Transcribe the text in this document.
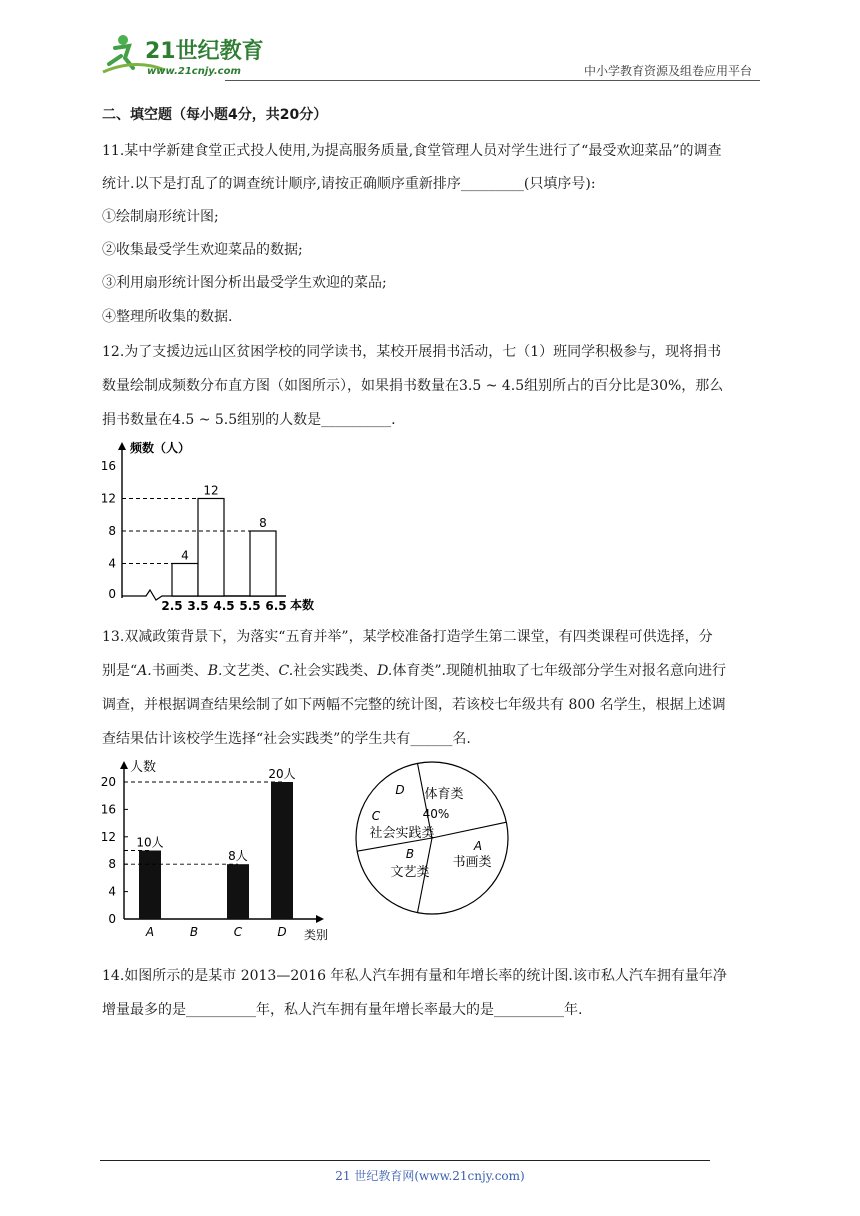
21世纪教育
www.21cnjy.com	中小学教育资源及组卷应用平台
二、填空题（每小题4分，共20分）
11.某中学新建食堂正式投人使用,为提高服务质量,食堂管理人员对学生进行了“最受欢迎菜品”的调查
统计.以下是打乱了的调查统计顺序,请按正确顺序重新排序_________(只填序号):
①绘制扇形统计图;
②收集最受学生欢迎菜品的数据;
③利用扇形统计图分析出最受学生欢迎的菜品;
④整理所收集的数据.
12.为了支援边远山区贫困学校的同学读书，某校开展捐书活动，七（1）班同学积极参与，现将捐书
数量绘制成频数分布直方图（如图所示），如果捐书数量在3.5 ~ 4.5组别所占的百分比是30%，那么
捐书数量在4.5 ~ 5.5组别的人数是__________.
频数（人）
本数
0
4
8
12
16
2.5 3.5 4.5 5.5 6.5
4
12
8
13.双减政策背景下，为落实“五育并举”，某学校准备打造学生第二课堂，有四类课程可供选择，分
别是“A.书画类、B.文艺类、C.社会实践类、D.体育类”.现随机抽取了七年级部分学生对报名意向进行
调查，并根据调查结果绘制了如下两幅不完整的统计图，若该校七年级共有 800 名学生，根据上述调
查结果估计该校学生选择“社会实践类”的学生共有______名.
人数
类别
0
4
8
12
16
20
A
10人
B	C
8人
D
20人
D 体育类
40%
A
书画类
B
文艺类
C
社会实践类
14.如图所示的是某市 2013—2016 年私人汽车拥有量和年增长率的统计图.该市私人汽车拥有量年净
增量最多的是__________年，私人汽车拥有量年增长率最大的是__________年.
21 世纪教育网(www.21cnjy.com)
